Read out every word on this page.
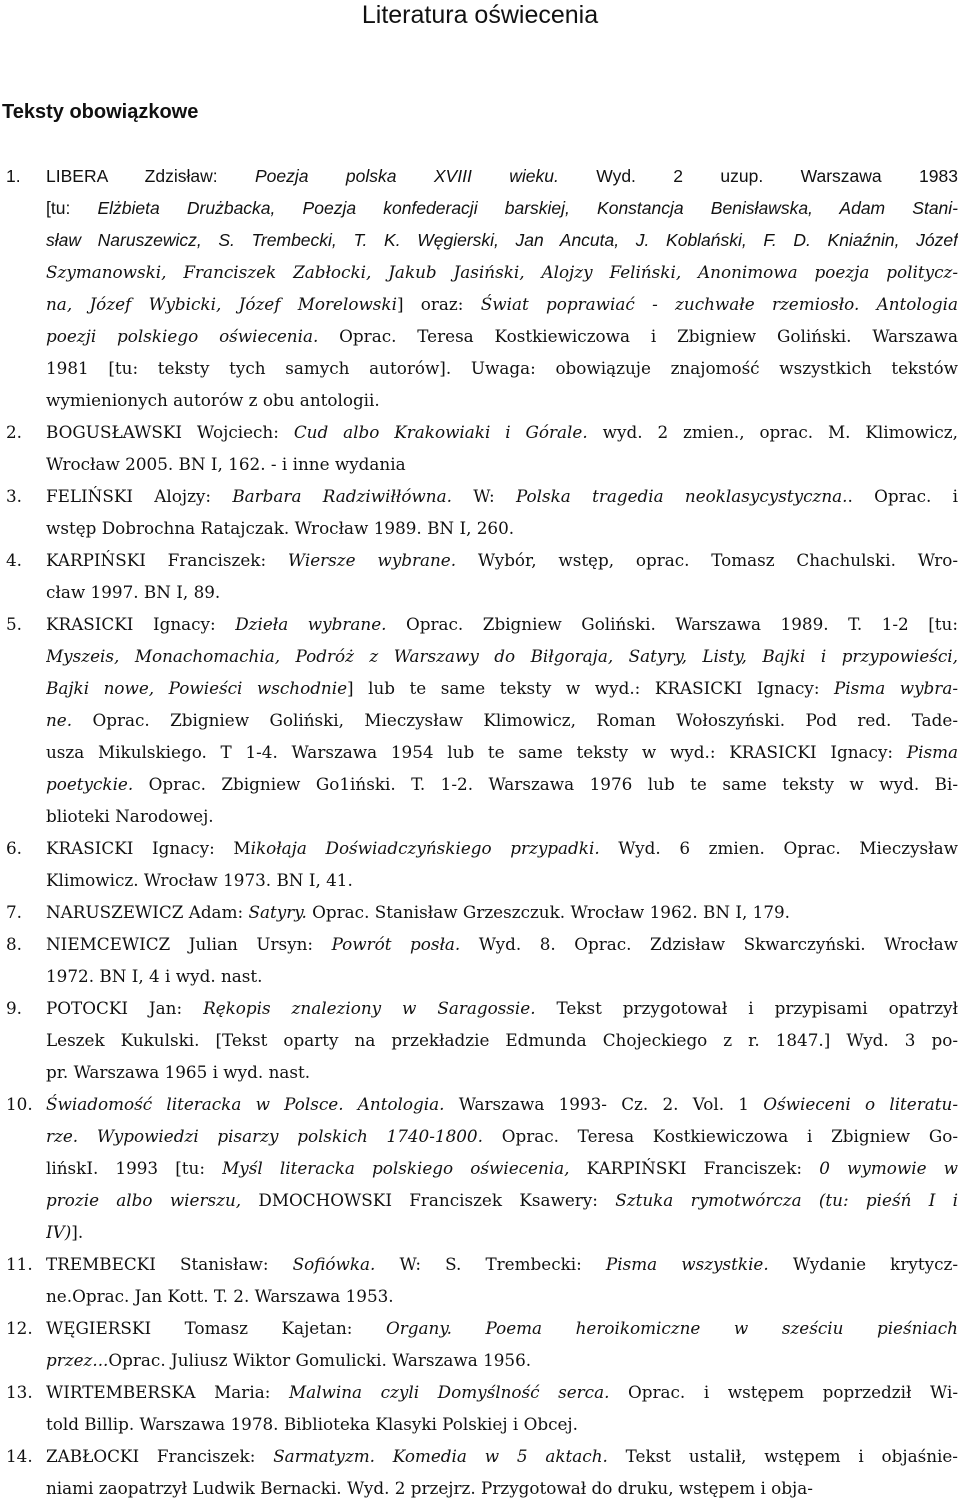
Literatura oświecenia
Teksty obowiązkowe
1. LIBERA Zdzisław: Poezja polska XVIII wieku. Wyd. 2 uzup. Warszawa 1983
[tu: Elżbieta Drużbacka, Poezja konfederacji barskiej, Konstancja Benisławska, Adam Stani-
sław Naruszewicz, S. Trembecki, T. K. Węgierski, Jan Ancuta, J. Koblański, F. D. Kniaźnin, Józef
Szymanowski, Franciszek Zabłocki, Jakub Jasiński, Alojzy Feliński, Anonimowa poezja politycz-
na, Józef Wybicki, Józef Morelowski] oraz: Świat poprawiać - zuchwałe rzemiosło. Antologia
poezji polskiego oświecenia. Oprac. Teresa Kostkiewiczowa i Zbigniew Goliński. Warszawa
1981 [tu: teksty tych samych autorów]. Uwaga: obowiązuje znajomość wszystkich tekstów
wymienionych autorów z obu antologii.
2. BOGUSŁAWSKI Wojciech: Cud albo Krakowiaki i Górale. wyd. 2 zmien., oprac. M. Klimowicz,
Wrocław 2005. BN I, 162. - i inne wydania
3. FELIŃSKI Alojzy: Barbara Radziwiłłówna. W: Polska tragedia neoklasycystyczna.. Oprac. i
wstęp Dobrochna Ratajczak. Wrocław 1989. BN I, 260.
4. KARPIŃSKI Franciszek: Wiersze wybrane. Wybór, wstęp, oprac. Tomasz Chachulski. Wro-
cław 1997. BN I, 89.
5. KRASICKI Ignacy: Dzieła wybrane. Oprac. Zbigniew Goliński. Warszawa 1989. T. 1-2 [tu:
Myszeis, Monachomachia, Podróż z Warszawy do Biłgoraja, Satyry, Listy, Bajki i przypowieści,
Bajki nowe, Powieści wschodnie] lub te same teksty w wyd.: KRASICKI Ignacy: Pisma wybra-
ne. Oprac. Zbigniew Goliński, Mieczysław Klimowicz, Roman Wołoszyński. Pod red. Tade-
usza Mikulskiego. T 1-4. Warszawa 1954 lub te same teksty w wyd.: KRASICKI Ignacy: Pisma
poetyckie. Oprac. Zbigniew Go1iński. T. 1-2. Warszawa 1976 lub te same teksty w wyd. Bi-
blioteki Narodowej.
6. KRASICKI Ignacy: Mikołaja Doświadczyńskiego przypadki. Wyd. 6 zmien. Oprac. Mieczysław
Klimowicz. Wrocław 1973. BN I, 41.
7. NARUSZEWICZ Adam: Satyry. Oprac. Stanisław Grzeszczuk. Wrocław 1962. BN I, 179.
8. NIEMCEWICZ Julian Ursyn: Powrót posła. Wyd. 8. Oprac. Zdzisław Skwarczyński. Wrocław
1972. BN I, 4 i wyd. nast.
9. POTOCKI Jan: Rękopis znaleziony w Saragossie. Tekst przygotował i przypisami opatrzył
Leszek Kukulski. [Tekst oparty na przekładzie Edmunda Chojeckiego z r. 1847.] Wyd. 3 po-
pr. Warszawa 1965 i wyd. nast.
10. Świadomość literacka w Polsce. Antologia. Warszawa 1993- Cz. 2. Vol. 1 Oświeceni o literatu-
rze. Wypowiedzi pisarzy polskich 1740-1800. Oprac. Teresa Kostkiewiczowa i Zbigniew Go-
lińskI. 1993 [tu: Myśl literacka polskiego oświecenia, KARPIŃSKI Franciszek: 0 wymowie w
prozie albo wierszu, DMOCHOWSKI Franciszek Ksawery: Sztuka rymotwórcza (tu: pieśń I i
IV)].
11. TREMBECKI Stanisław: Sofiówka. W: S. Trembecki: Pisma wszystkie. Wydanie krytycz-
ne.Oprac. Jan Kott. T. 2. Warszawa 1953.
12. WĘGIERSKI Tomasz Kajetan: Organy. Poema heroikomiczne w sześciu pieśniach
przez...Oprac. Juliusz Wiktor Gomulicki. Warszawa 1956.
13. WIRTEMBERSKA Maria: Malwina czyli Domyślność serca. Oprac. i wstępem poprzedził Wi-
told Billip. Warszawa 1978. Biblioteka Klasyki Polskiej i Obcej.
14. ZABŁOCKI Franciszek: Sarmatyzm. Komedia w 5 aktach. Tekst ustalił, wstępem i objaśnie-
niami zaopatrzył Ludwik Bernacki. Wyd. 2 przejrz. Przygotował do druku, wstępem i obja-
